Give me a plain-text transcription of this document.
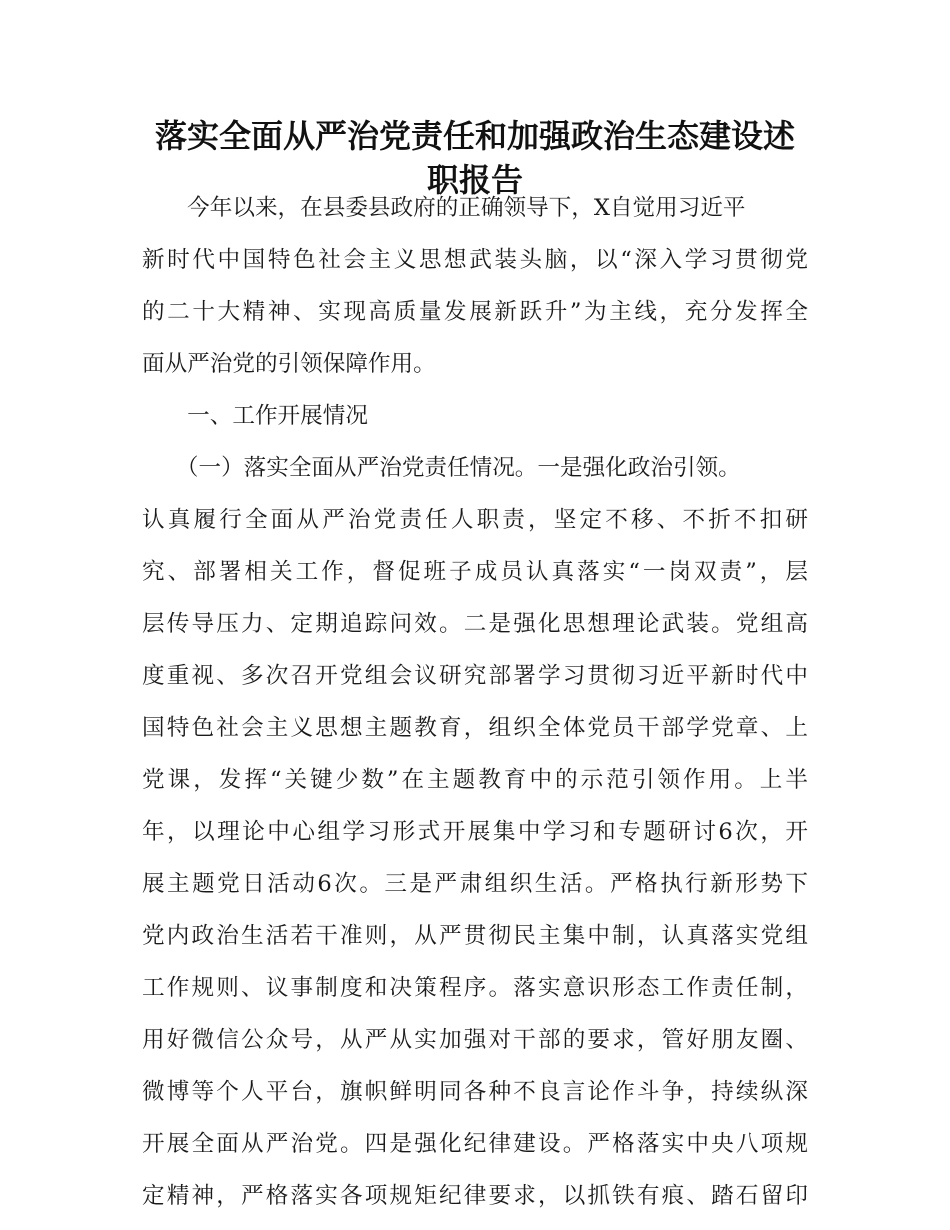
落实全面从严治党责任和加强政治生态建设述
职报告
　　今年以来，在县委县政府的正确领导下，X自觉用习近平
新时代中国特色社会主义思想武装头脑，以“深入学习贯彻党
的二十大精神、实现高质量发展新跃升”为主线，充分发挥全
面从严治党的引领保障作用。
　　一、工作开展情况
　　（一）落实全面从严治党责任情况。一是强化政治引领。
认真履行全面从严治党责任人职责，坚定不移、不折不扣研
究、部署相关工作，督促班子成员认真落实“一岗双责”，层
层传导压力、定期追踪问效。二是强化思想理论武装。党组高
度重视、多次召开党组会议研究部署学习贯彻习近平新时代中
国特色社会主义思想主题教育，组织全体党员干部学党章、上
党课，发挥“关键少数”在主题教育中的示范引领作用。上半
年，以理论中心组学习形式开展集中学习和专题研讨6次，开
展主题党日活动6次。三是严肃组织生活。严格执行新形势下
党内政治生活若干准则，从严贯彻民主集中制，认真落实党组
工作规则、议事制度和决策程序。落实意识形态工作责任制，
用好微信公众号，从严从实加强对干部的要求，管好朋友圈、
微博等个人平台，旗帜鲜明同各种不良言论作斗争，持续纵深
开展全面从严治党。四是强化纪律建设。严格落实中央八项规
定精神，严格落实各项规矩纪律要求，以抓铁有痕、踏石留印
